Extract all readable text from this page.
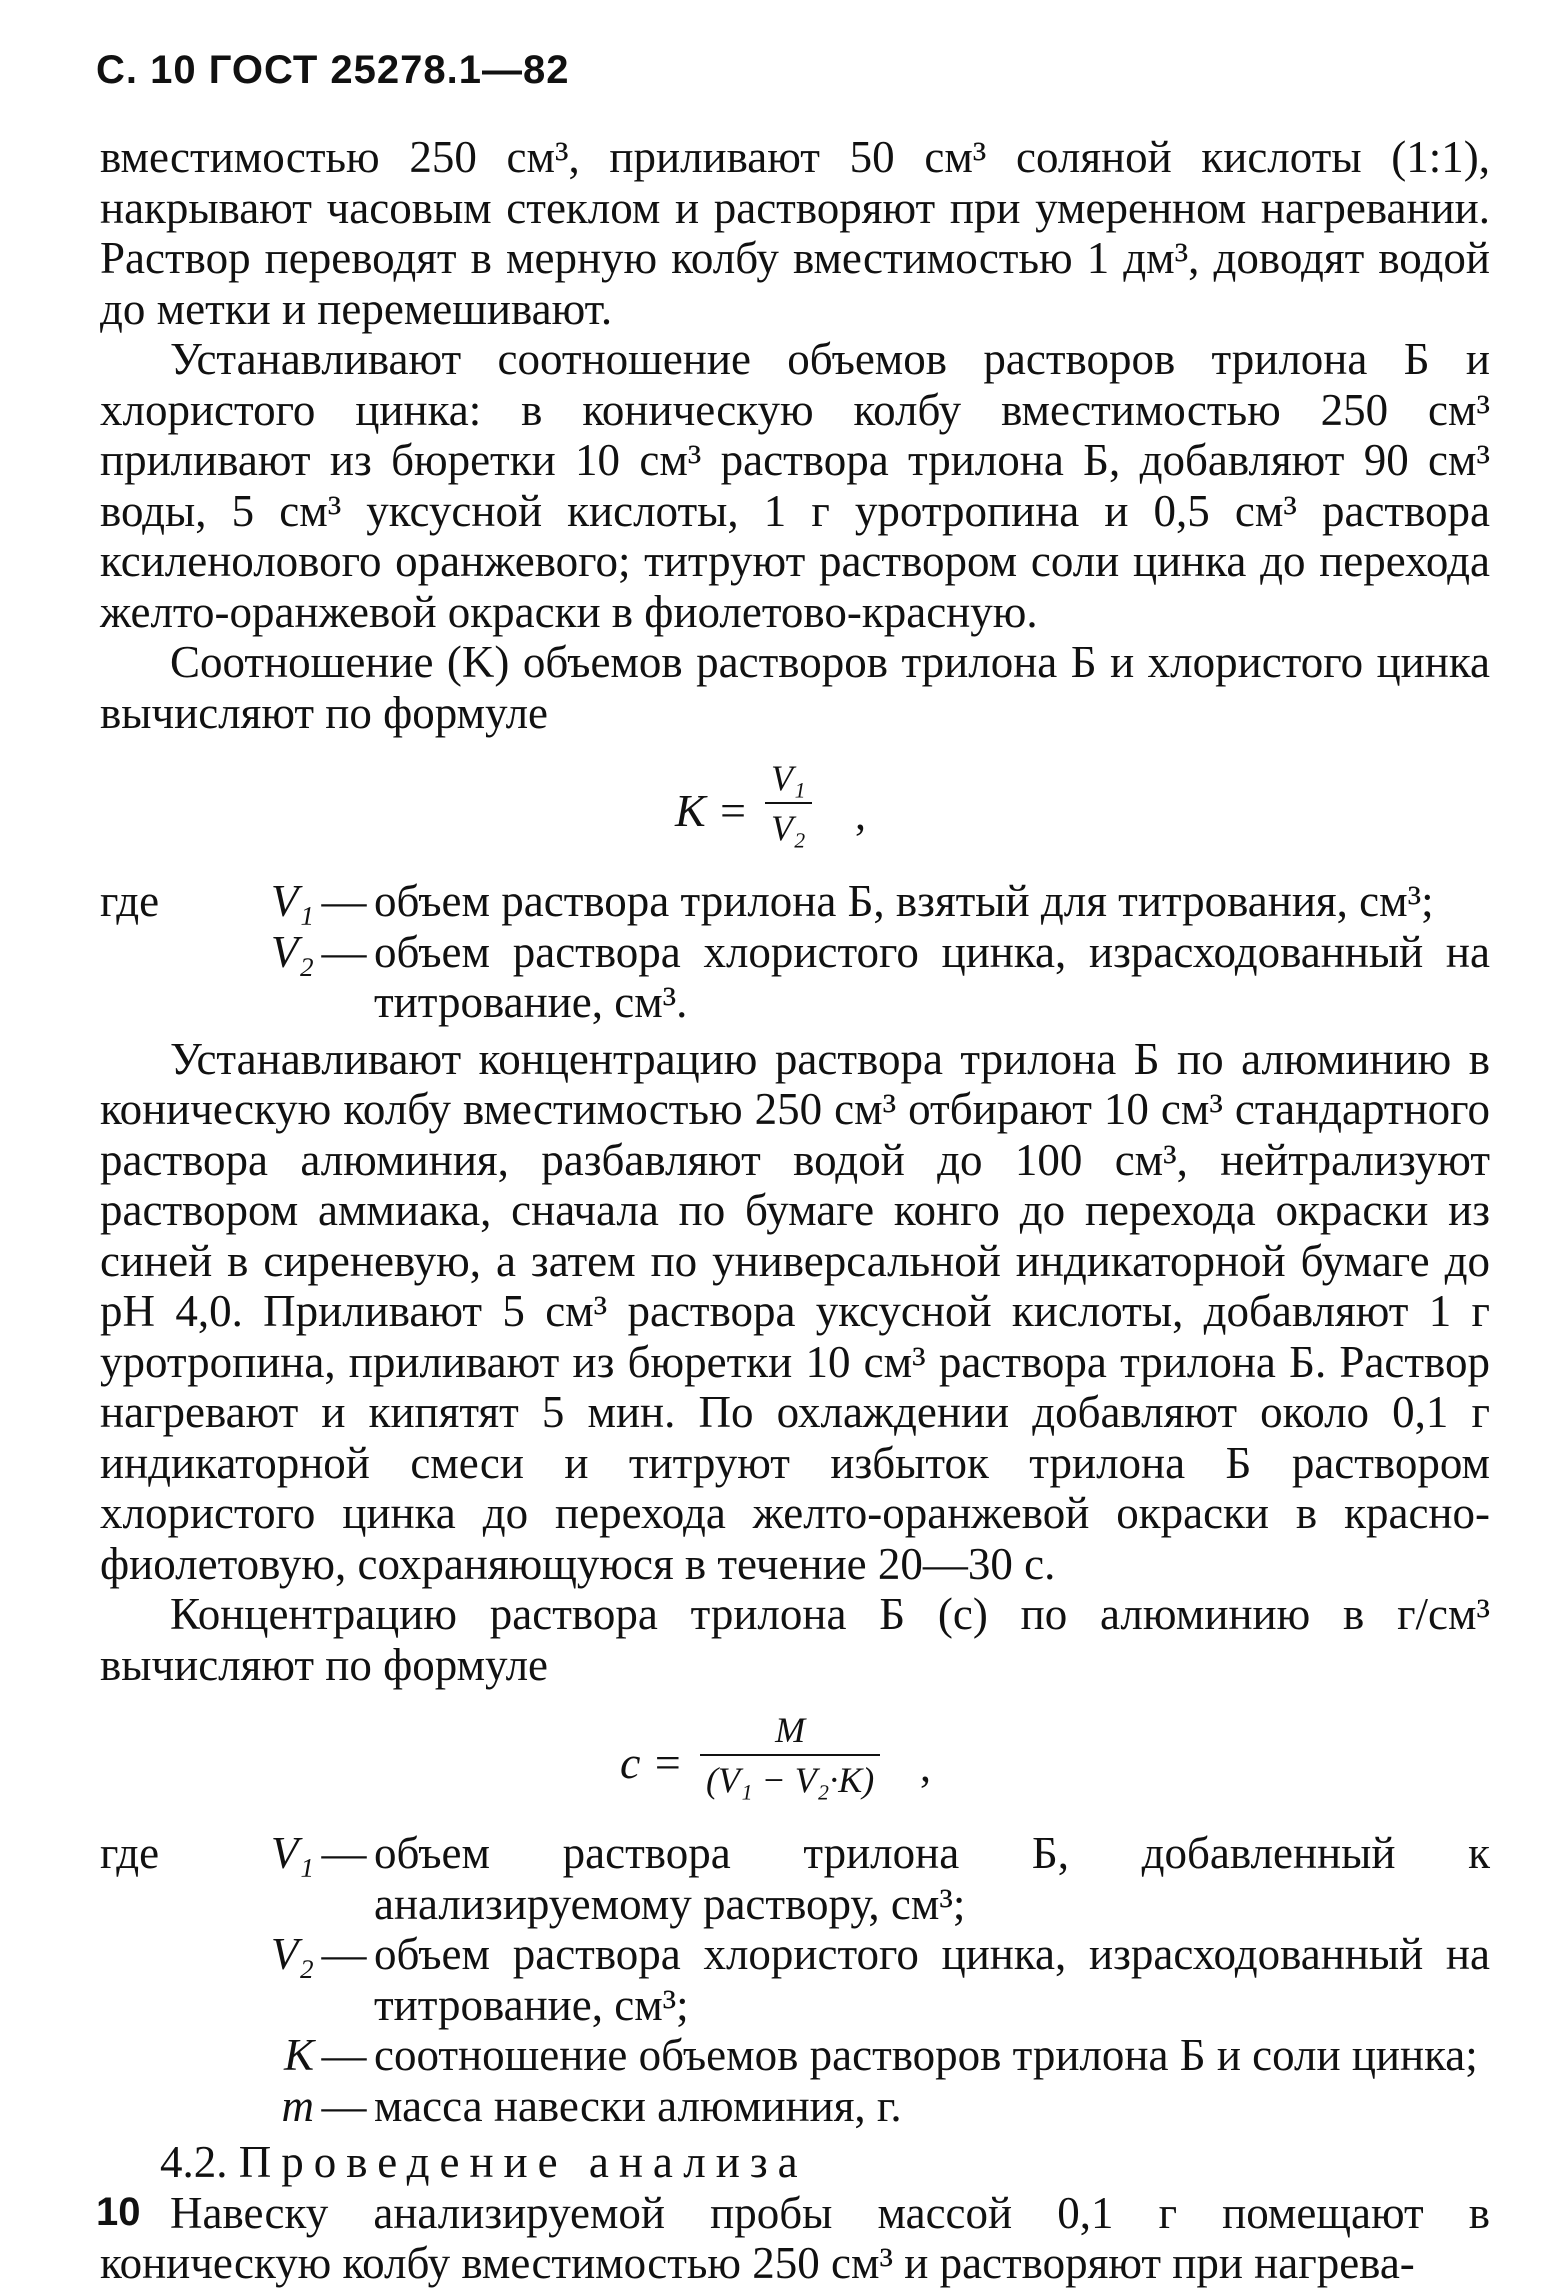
С. 10 ГОСТ 25278.1—82

вместимостью 250 см³, приливают 50 см³ соляной кислоты (1:1), накрывают часовым стеклом и растворяют при умеренном нагревании. Раствор переводят в мерную колбу вместимостью 1 дм³, доводят водой до метки и перемешивают.

Устанавливают соотношение объемов растворов трилона Б и хлористого цинка: в коническую колбу вместимостью 250 см³ приливают из бюретки 10 см³ раствора трилона Б, добавляют 90 см³ воды, 5 см³ уксусной кислоты, 1 г уротропина и 0,5 см³ раствора ксиленолового оранжевого; титруют раствором соли цинка до перехода желто-оранжевой окраски в фиолетово-красную.

Соотношение (K) объемов растворов трилона Б и хлористого цинка вычисляют по формуле

K =
V₁
V₂ ,
где	V₁ — объем раствора трилона Б, взятый для титрования, см³;
V₂ — объем раствора хлористого цинка, израсходованный на титрование, см³.

Устанавливают концентрацию раствора трилона Б по алюминию в коническую колбу вместимостью 250 см³ отбирают 10 см³ стандартного раствора алюминия, разбавляют водой до 100 см³, нейтрализуют раствором аммиака, сначала по бумаге конго до перехода окраски из синей в сиреневую, а затем по универсальной индикаторной бумаге до pH 4,0. Приливают 5 см³ раствора уксусной кислоты, добавляют 1 г уротропина, приливают из бюретки 10 см³ раствора трилона Б. Раствор нагревают и кипятят 5 мин. По охлаждении добавляют около 0,1 г индикаторной смеси и титруют избыток трилона Б раствором хлористого цинка до перехода желто-оранжевой окраски в красно-фиолетовую, сохраняющуюся в течение 20—30 с.

Концентрацию раствора трилона Б (c) по алюминию в г/см³ вычисляют по формуле

c =
M
(V₁ − V₂·K) ,
где	V₁ — объем раствора трилона Б, добавленный к анализируемому раствору, см³;
V₂ — объем раствора хлористого цинка, израсходованный на титрование, см³;
K — соотношение объемов растворов трилона Б и соли цинка;
m — масса навески алюминия, г.

4.2. Проведение анализа

Навеску анализируемой пробы массой 0,1 г помещают в коническую колбу вместимостью 250 см³ и растворяют при нагрева-

10
